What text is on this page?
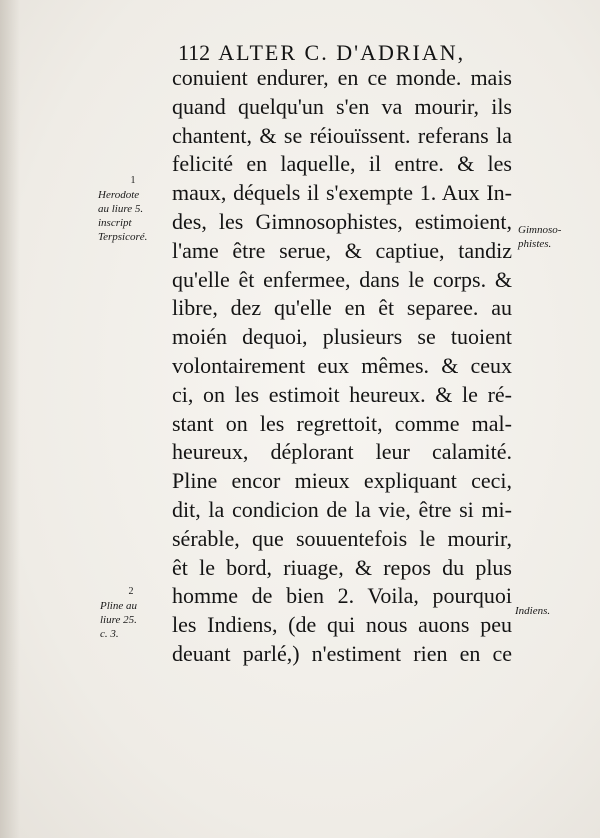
112 ALTER C. D'ADRIAN,
conuient endurer, en ce monde. mais
quand quelqu'un s'en va mourir, ils
chantent, & se réiouïssent. referans la
felicité en laquelle, il entre. & les
maux, déquels il s'exempte 1. Aux In-
des, les Gimnosophistes, estimoient,
l'ame être serue, & captiue, tandiz
qu'elle êt enfermee, dans le corps. &
libre, dez qu'elle en êt separee. au
moién dequoi, plusieurs se tuoient
volontairement eux mêmes. & ceux
ci, on les estimoit heureux. & le ré-
stant on les regrettoit, comme mal-
heureux, déplorant leur calamité.
Pline encor mieux expliquant ceci,
dit, la condicion de la vie, être si mi-
sérable, que souuentefois le mourir,
êt le bord, riuage, & repos du plus
homme de bien 2. Voila, pourquoi
les Indiens, (de qui nous auons peu
deuant parlé,) n'estiment rien en ce
1
Herodote
au liure 5.
inscript
Terpsicoré.
2
Pline au
liure 25.
c. 3.
Gimnoso-
phistes.
Indiens.
